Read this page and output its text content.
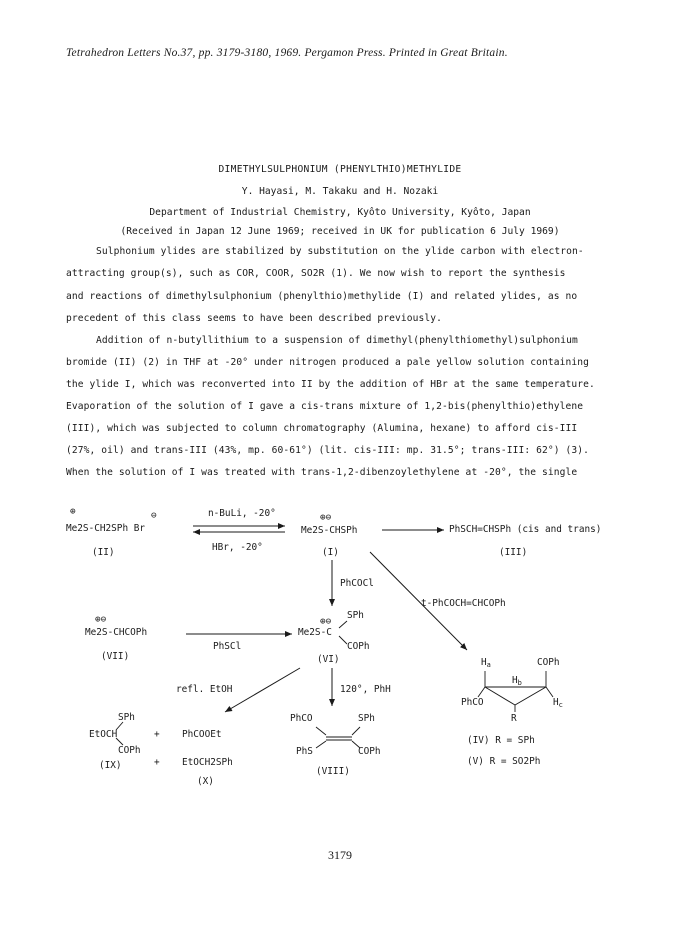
Tetrahedron Letters No.37, pp. 3179-3180, 1969. Pergamon Press. Printed in Great Britain.
DIMETHYLSULPHONIUM (PHENYLTHIO)METHYLIDE
Y. Hayasi, M. Takaku and H. Nozaki
Department of Industrial Chemistry, Kyôto University, Kyôto, Japan
(Received in Japan 12 June 1969; received in UK for publication 6 July 1969)
Sulphonium ylides are stabilized by substitution on the ylide carbon with electron-
attracting group(s), such as COR, COOR, SO2R (1). We now wish to report the synthesis
and reactions of dimethylsulphonium (phenylthio)methylide (I) and related ylides, as no
precedent of this class seems to have been described previously.
Addition of n-butyllithium to a suspension of dimethyl(phenylthiomethyl)sulphonium
bromide (II) (2) in THF at -20° under nitrogen produced a pale yellow solution containing
the ylide I, which was reconverted into II by the addition of HBr at the same temperature.
Evaporation of the solution of I gave a cis-trans mixture of 1,2-bis(phenylthio)ethylene
(III), which was subjected to column chromatography (Alumina, hexane) to afford cis-III
(27%, oil) and trans-III (43%, mp. 60-61°) (lit. cis-III: mp. 31.5°; trans-III: 62°) (3).
When the solution of I was treated with trans-1,2-dibenzoylethylene at -20°, the single
⊕	⊖
Me2S-CH2SPh Br
(II)
n-BuLi, -20°
HBr, -20°
⊕⊖
Me2S-CHSPh
(I)
PhSCH=CHSPh (cis and trans)
(III)
PhCOCl
t-PhCOCH=CHCOPh
⊕⊖
Me2S-CHCOPh
(VII)
PhSCl
SPh
⊕⊖
Me2S-C
COPh
(VI)
refl. EtOH	120°, PhH
$H_a$	COPh
$H_b$
PhCO	$H_c$
R
(IV) R = SPh
(V) R = SO2Ph
SPh
EtOCH
COPh
(IX)
+ PhCOOEt
+ EtOCH2SPh
(X)
PhCO	SPh
PhS	COPh
(VIII)
3179
